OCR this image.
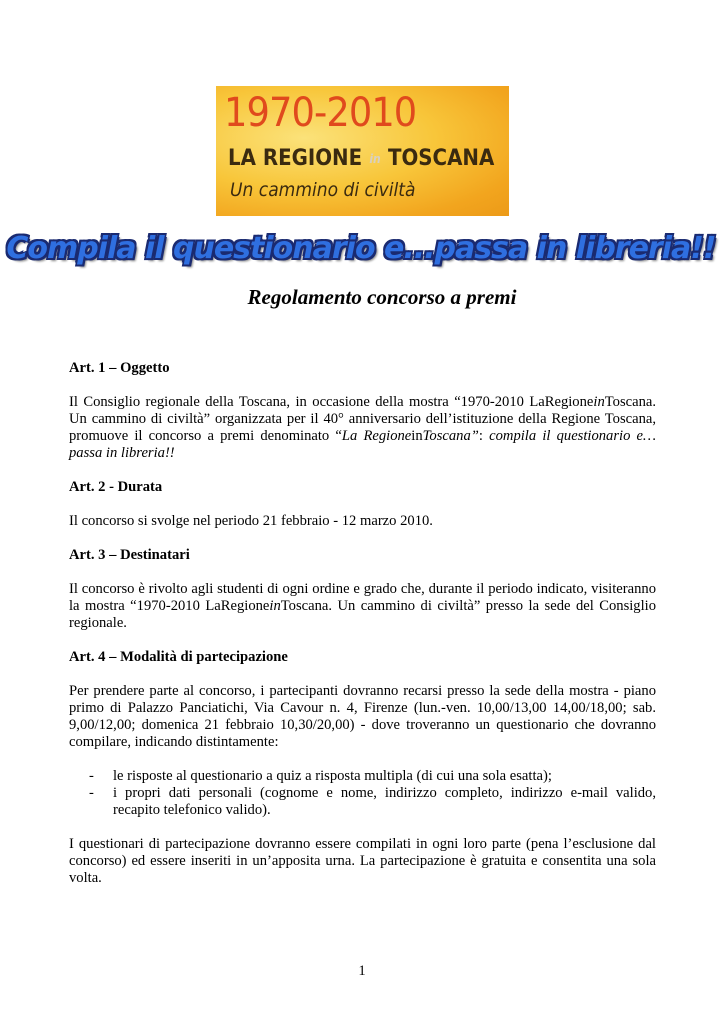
1970-2010
LA REGIONE in TOSCANA
Un cammino di civiltà
Compila il questionario e...passa in libreria!!
Regolamento concorso a premi

Art. 1 – Oggetto

Il Consiglio regionale della Toscana, in occasione della mostra “1970-2010 LaRegioneinToscana. Un cammino di civiltà” organizzata per il 40° anniversario dell’istituzione della Regione Toscana, promuove il concorso a premi denominato “La RegioneinToscana”: compila il questionario e… passa in libreria!!

Art. 2 - Durata

Il concorso si svolge nel periodo 21 febbraio - 12 marzo 2010.

Art. 3 – Destinatari

Il concorso è rivolto agli studenti di ogni ordine e grado che, durante il periodo indicato, visiteranno la mostra “1970-2010 LaRegioneinToscana. Un cammino di civiltà” presso la sede del Consiglio regionale.

Art. 4 – Modalità di partecipazione

Per prendere parte al concorso, i partecipanti dovranno recarsi presso la sede della mostra - piano primo di Palazzo Panciatichi, Via Cavour n. 4, Firenze (lun.-ven. 10,00/13,00 14,00/18,00; sab. 9,00/12,00; domenica 21 febbraio 10,30/20,00) - dove troveranno un questionario che dovranno compilare, indicando distintamente:

- le risposte al questionario a quiz a risposta multipla (di cui una sola esatta);
- i propri dati personali (cognome e nome, indirizzo completo, indirizzo e-mail valido, recapito telefonico valido).

I questionari di partecipazione dovranno essere compilati in ogni loro parte (pena l’esclusione dal concorso) ed essere inseriti in un’apposita urna. La partecipazione è gratuita e consentita una sola volta.

1
